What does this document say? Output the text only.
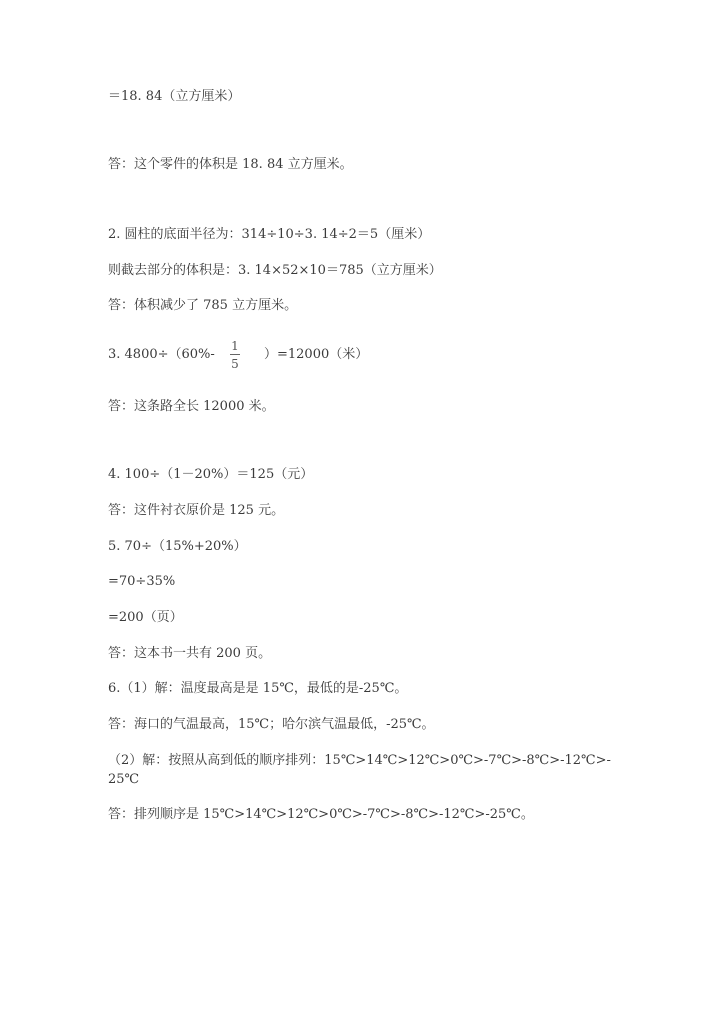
＝18. 84（立方厘米）
答：这个零件的体积是 18. 84 立方厘米。
2. 圆柱的底面半径为：314÷10÷3. 14÷2＝5（厘米）
则截去部分的体积是：3. 14×52×10＝785（立方厘米）
答：体积减少了 785 立方厘米。
3. 4800÷（60%-
1
5
）=12000（米）
答：这条路全长 12000 米。
4. 100÷（1－20%）＝125（元）
答：这件衬衣原价是 125 元。
5. 70÷（15%+20%）
=70÷35%
=200（页）
答：这本书一共有 200 页。
6.（1）解：温度最高是是 15℃，最低的是-25℃。
答：海口的气温最高，15℃；哈尔滨气温最低，-25℃。
（2）解：按照从高到低的顺序排列：15℃>14℃>12℃>0℃>-7℃>-8℃>-12℃>-
25℃
答：排列顺序是 15℃>14℃>12℃>0℃>-7℃>-8℃>-12℃>-25℃。
